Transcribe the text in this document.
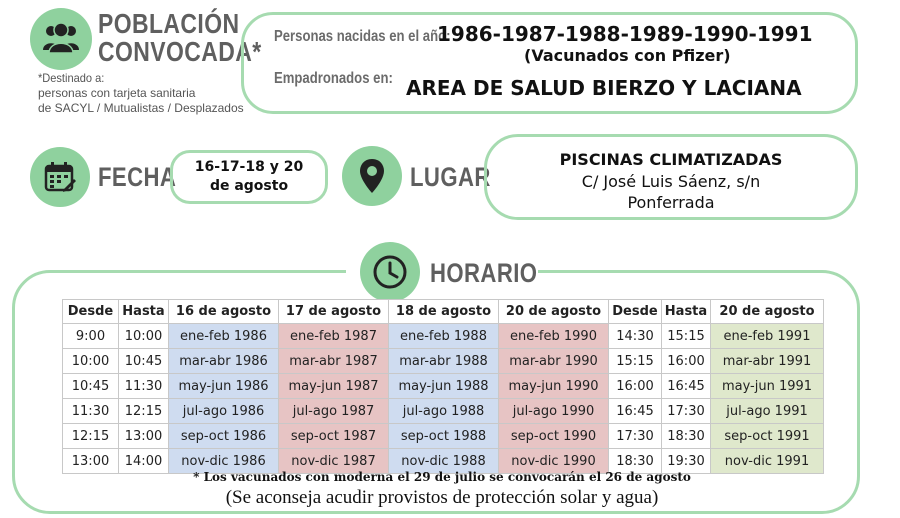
POBLACIÓN
CONVOCADA*
*Destinado a:
personas con tarjeta sanitaria
de SACYL / Mutualistas / Desplazados
Personas nacidas en el año:
1986-1987-1988-1989-1990-1991
(Vacunados con Pfizer)
Empadronados en: AREA DE SALUD BIERZO Y LACIANA
FECHA	16-17-18 y 20
de agosto	LUGAR
PISCINAS CLIMATIZADAS
C/ José Luis Sáenz, s/n
Ponferrada
HORARIO
Desde	Hasta	16 de agosto	17 de agosto	18 de agosto	20 de agosto	Desde	Hasta	20 de agosto
9:00	10:00	ene-feb 1986	ene-feb 1987	ene-feb 1988	ene-feb 1990	14:30	15:15	ene-feb 1991
10:00	10:45	mar-abr 1986	mar-abr 1987	mar-abr 1988	mar-abr 1990	15:15	16:00	mar-abr 1991
10:45	11:30	may-jun 1986	may-jun 1987	may-jun 1988	may-jun 1990	16:00	16:45	may-jun 1991
11:30	12:15	jul-ago 1986	jul-ago 1987	jul-ago 1988	jul-ago 1990	16:45	17:30	jul-ago 1991
12:15	13:00	sep-oct 1986	sep-oct 1987	sep-oct 1988	sep-oct 1990	17:30	18:30	sep-oct 1991
13:00	14:00	nov-dic 1986	nov-dic 1987	nov-dic 1988	nov-dic 1990	18:30	19:30	nov-dic 1991
* Los vacunados con moderna el 29 de julio se convocarán el 26 de agosto
(Se aconseja acudir provistos de protección solar y agua)
